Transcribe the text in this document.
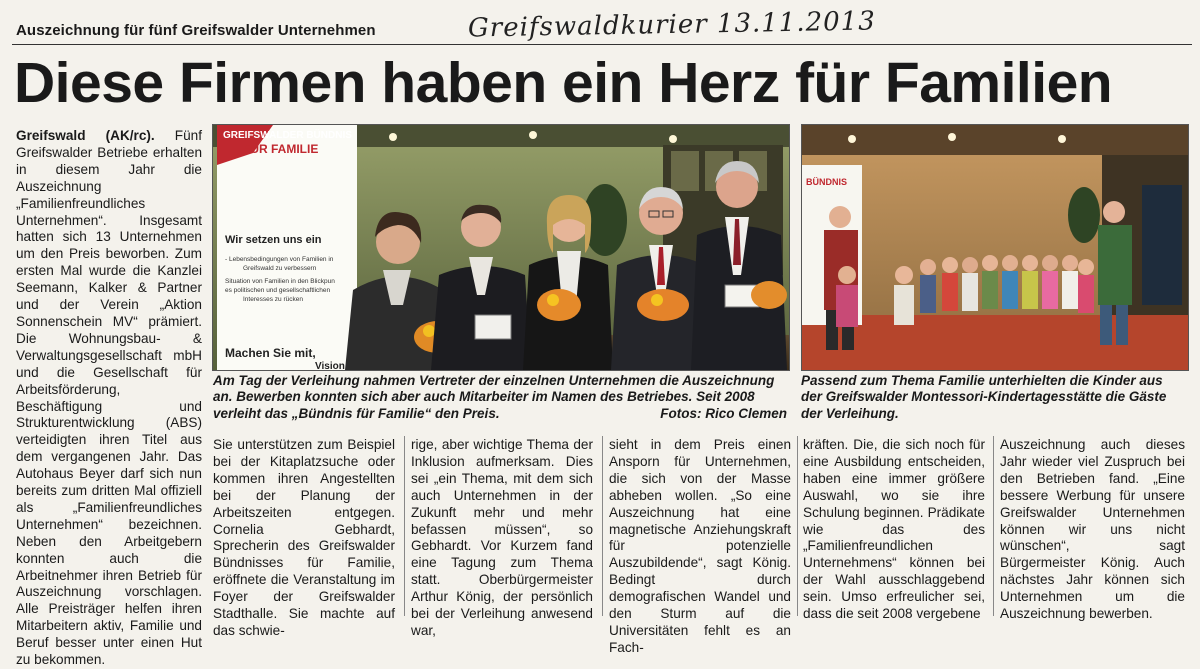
Auszeichnung für fünf Greifswalder Unternehmen	Greifswaldkurier 13.11.2013
Diese Firmen haben ein Herz für Familien
Greifswald (AK/rc). Fünf Greifswalder Betriebe erhalten in diesem Jahr die Auszeichnung „Familienfreundliches Unternehmen“. Insgesamt hatten sich 13 Unternehmen um den Preis beworben. Zum ersten Mal wurde die Kanzlei Seemann, Kalker & Partner und der Verein „Aktion Sonnenschein MV“ prämiert. Die Wohnungsbau- & Verwaltungsgesellschaft mbH und die Gesellschaft für Arbeitsförderung, Beschäftigung und Strukturentwicklung (ABS) verteidigten ihren Titel aus dem vergangenen Jahr. Das Autohaus Beyer darf sich nun bereits zum dritten Mal offiziell als „Familienfreundliches Unternehmen“ bezeichnen. Neben den Arbeitgebern konnten auch die Arbeitnehmer ihren Betrieb für Auszeichnung vorschlagen. Alle Preisträger helfen ihren Mitarbeitern aktiv, Familie und Beruf besser unter einen Hut zu bekommen.
GREIFSWALDER BÜNDNIS
FÜR FAMILIE
Wir setzen uns ein
- Lebensbedingungen von Familien in
Greifswald zu verbessern
Situation von Familien in den Blickpun
es politischen und gesellschaftlichen
Interesses zu rücken
Machen Sie mit,
Vision
BÜNDNIS
Am Tag der Verleihung nahmen Vertreter der einzelnen Unternehmen die Auszeichnung an. Bewerben konnten sich aber auch Mitarbeiter im Namen des Betriebes. Seit 2008 verleiht das „Bündnis für Familie“ den Preis.	Fotos: Rico Clemen
Passend zum Thema Familie unterhielten die Kinder aus der Greifswalder Montessori-Kindertagesstätte die Gäste der Verleihung.
Sie unterstützen zum Beispiel bei der Kitaplatzsuche oder kommen ihren Angestellten bei der Planung der Arbeitszeiten entgegen. Cornelia Gebhardt, Sprecherin des Greifswalder Bündnisses für Familie, eröffnete die Veranstaltung im Foyer der Greifswalder Stadthalle. Sie machte auf das schwie-
rige, aber wichtige Thema der Inklusion aufmerksam. Dies sei „ein Thema, mit dem sich auch Unternehmen in der Zukunft mehr und mehr befassen müssen“, so Gebhardt. Vor Kurzem fand eine Tagung zum Thema statt. Oberbürgermeister Arthur König, der persönlich bei der Verleihung anwesend war,
sieht in dem Preis einen Ansporn für Unternehmen, die sich von der Masse abheben wollen. „So eine Auszeichnung hat eine magnetische Anziehungskraft für potenzielle Auszubildende“, sagt König. Bedingt durch demografischen Wandel und den Sturm auf die Universitäten fehlt es an Fach-
kräften. Die, die sich noch für eine Ausbildung entscheiden, haben eine immer größere Auswahl, wo sie ihre Schulung beginnen. Prädikate wie das des „Familienfreundlichen Unternehmens“ können bei der Wahl ausschlaggebend sein. Umso erfreulicher sei, dass die seit 2008 vergebene
Auszeichnung auch dieses Jahr wieder viel Zuspruch bei den Betrieben fand. „Eine bessere Werbung für unsere Greifswalder Unternehmen können wir uns nicht wünschen“, sagt Bürgermeister König. Auch nächstes Jahr können sich Unternehmen um die Auszeichnung bewerben.
